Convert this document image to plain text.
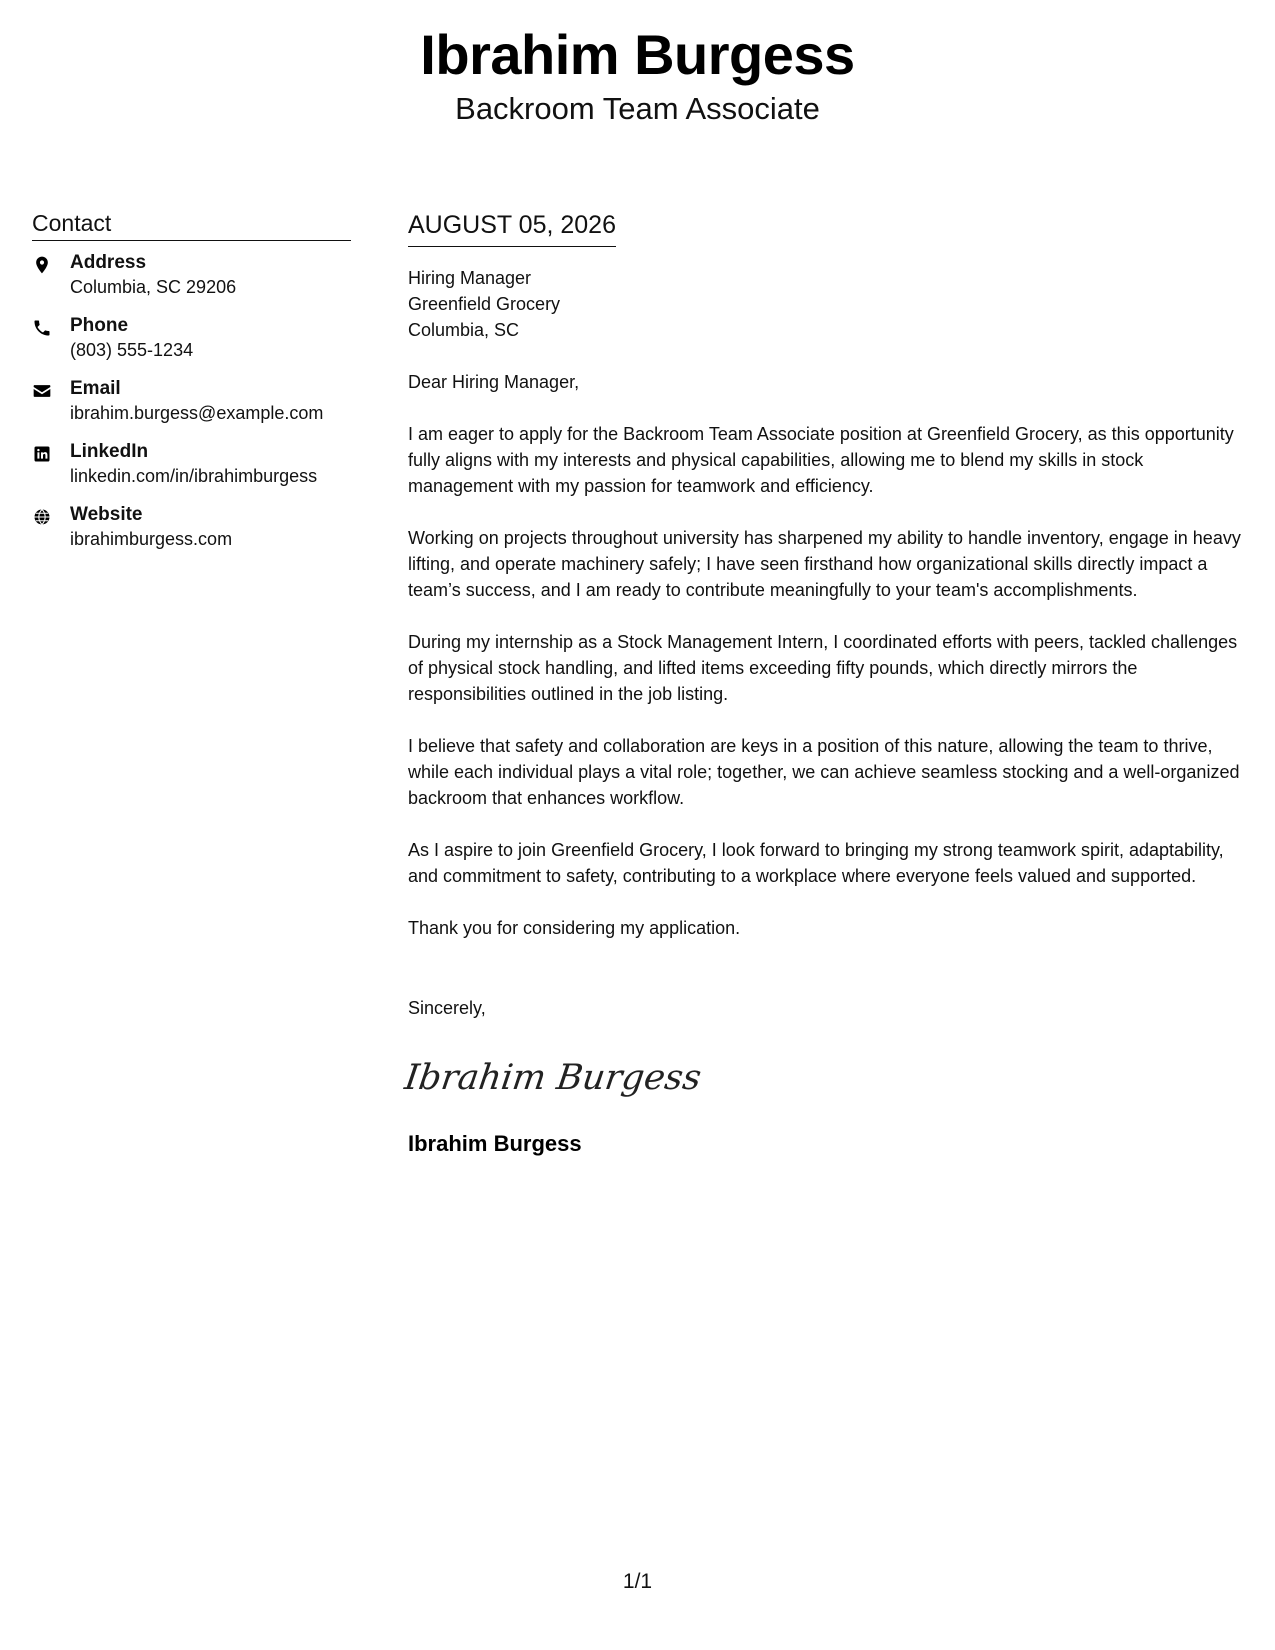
Ibrahim Burgess
Backroom Team Associate
Contact
Address
Columbia, SC 29206
Phone
(803) 555-1234
Email
ibrahim.burgess@example.com
LinkedIn
linkedin.com/in/ibrahimburgess
Website
ibrahimburgess.com
AUGUST 05, 2026
Hiring Manager
Greenfield Grocery
Columbia, SC
Dear Hiring Manager,
I am eager to apply for the Backroom Team Associate position at Greenfield Grocery, as this opportunity fully aligns with my interests and physical capabilities, allowing me to blend my skills in stock management with my passion for teamwork and efficiency.
Working on projects throughout university has sharpened my ability to handle inventory, engage in heavy lifting, and operate machinery safely; I have seen firsthand how organizational skills directly impact a team’s success, and I am ready to contribute meaningfully to your team's accomplishments.
During my internship as a Stock Management Intern, I coordinated efforts with peers, tackled challenges of physical stock handling, and lifted items exceeding fifty pounds, which directly mirrors the responsibilities outlined in the job listing.
I believe that safety and collaboration are keys in a position of this nature, allowing the team to thrive, while each individual plays a vital role; together, we can achieve seamless stocking and a well-organized backroom that enhances workflow.
As I aspire to join Greenfield Grocery, I look forward to bringing my strong teamwork spirit, adaptability, and commitment to safety, contributing to a workplace where everyone feels valued and supported.
Thank you for considering my application.
Sincerely,
Ibrahim Burgess
Ibrahim Burgess
1/1
